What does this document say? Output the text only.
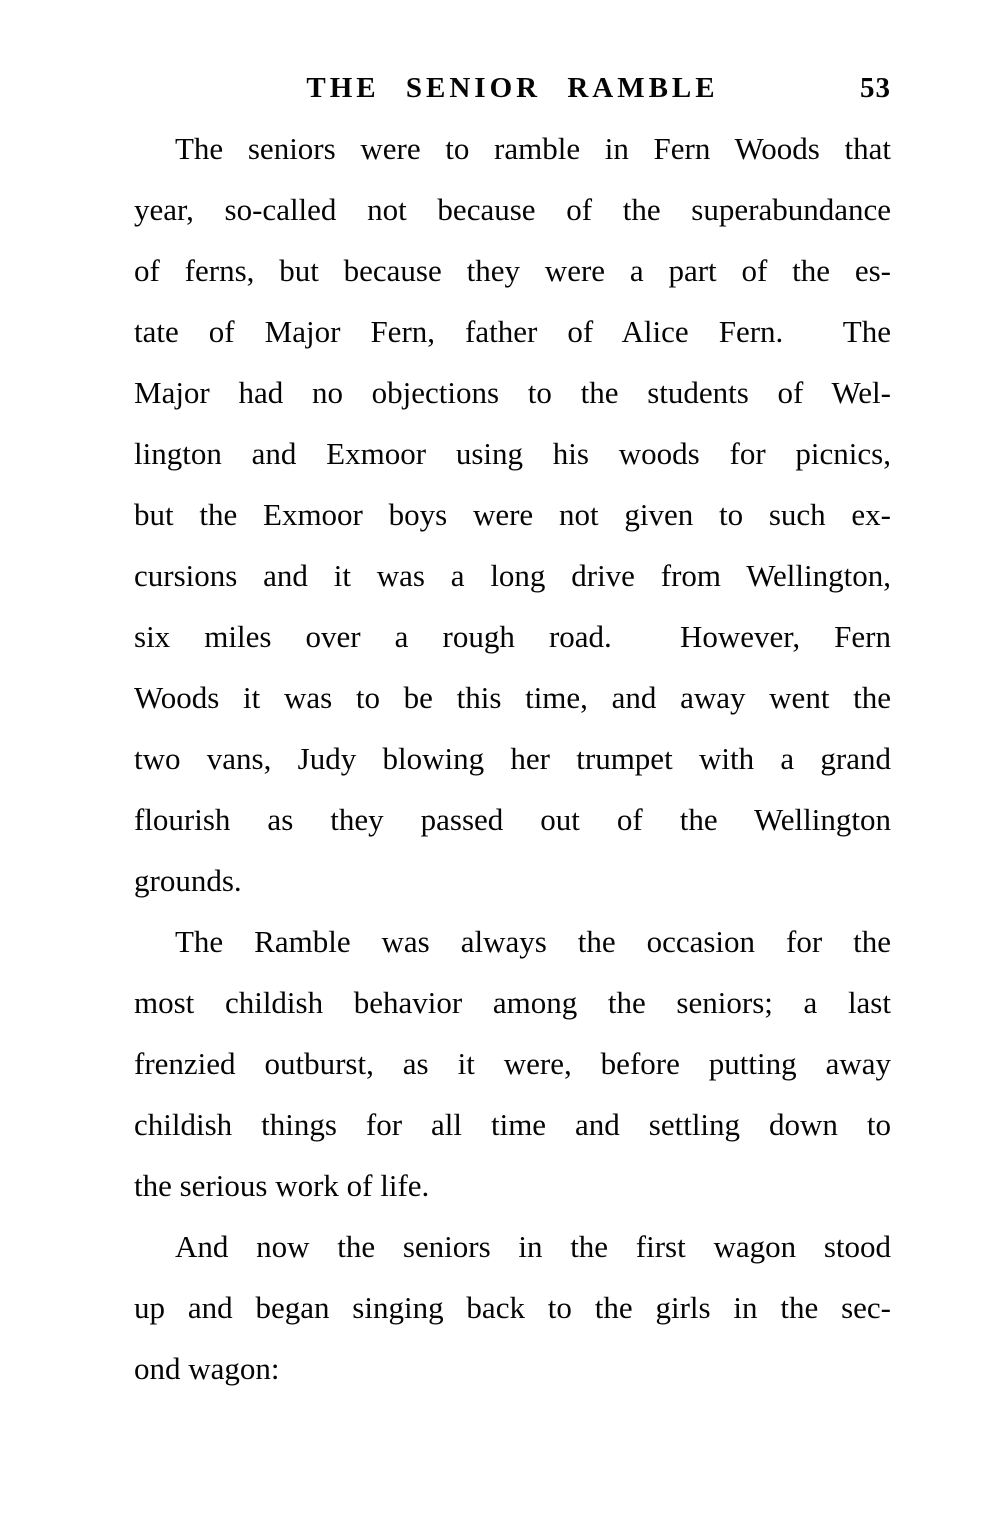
THE SENIOR RAMBLE	53
The seniors were to ramble in Fern Woods that
year, so-called not because of the superabundance
of ferns, but because they were a part of the es-
tate of Major Fern, father of Alice Fern.  The
Major had no objections to the students of Wel-
lington and Exmoor using his woods for picnics,
but the Exmoor boys were not given to such ex-
cursions and it was a long drive from Wellington,
six miles over a rough road.  However, Fern
Woods it was to be this time, and away went the
two vans, Judy blowing her trumpet with a grand
flourish as they passed out of the Wellington
grounds.
The Ramble was always the occasion for the
most childish behavior among the seniors; a last
frenzied outburst, as it were, before putting away
childish things for all time and settling down to
the serious work of life.
And now the seniors in the first wagon stood
up and began singing back to the girls in the sec-
ond wagon:
